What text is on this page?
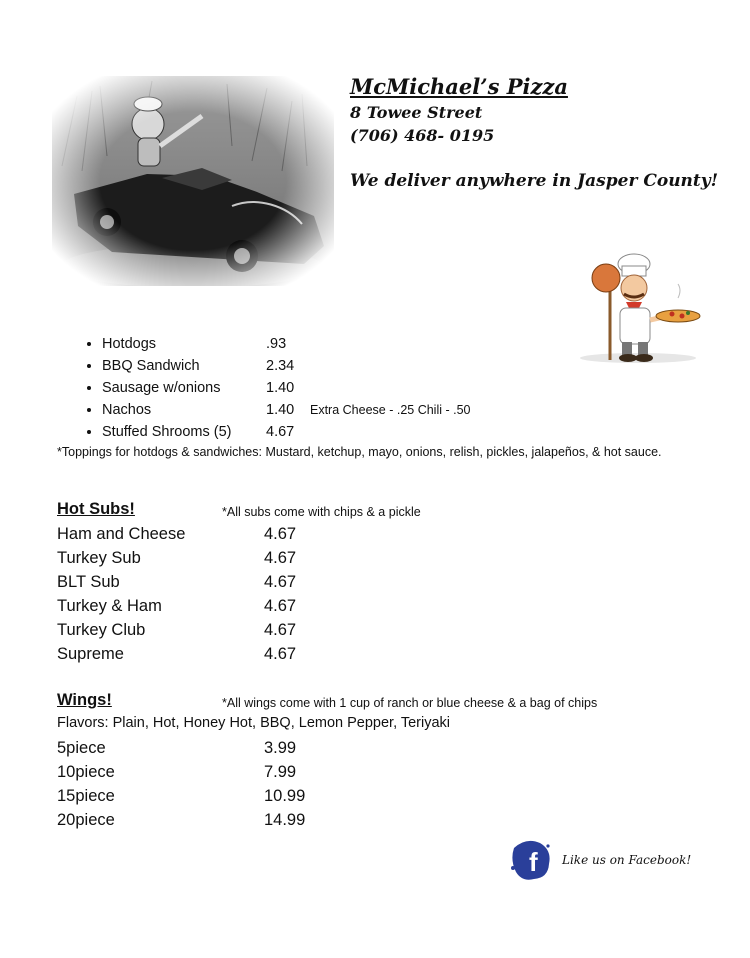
McMichael’s Pizza
8 Towee Street
(706) 468- 0195
We deliver anywhere in Jasper County!
• Hotdogs	.93
• BBQ Sandwich	2.34
• Sausage w/onions	1.40
• Nachos	1.40 Extra Cheese - .25 Chili - .50
• Stuffed Shrooms (5) 4.67
*Toppings for hotdogs & sandwiches: Mustard, ketchup, mayo, onions, relish, pickles, jalapeños, & hot sauce.
Hot Subs!	*All subs come with chips & a pickle
Ham and Cheese	4.67
Turkey Sub	4.67
BLT Sub	4.67
Turkey & Ham	4.67
Turkey Club	4.67
Supreme	4.67
Wings!	*All wings come with 1 cup of ranch or blue cheese & a bag of chips
Flavors: Plain, Hot, Honey Hot, BBQ, Lemon Pepper, Teriyaki
5piece	3.99
10piece	7.99
15piece	10.99
20piece	14.99
f Like us on Facebook!
